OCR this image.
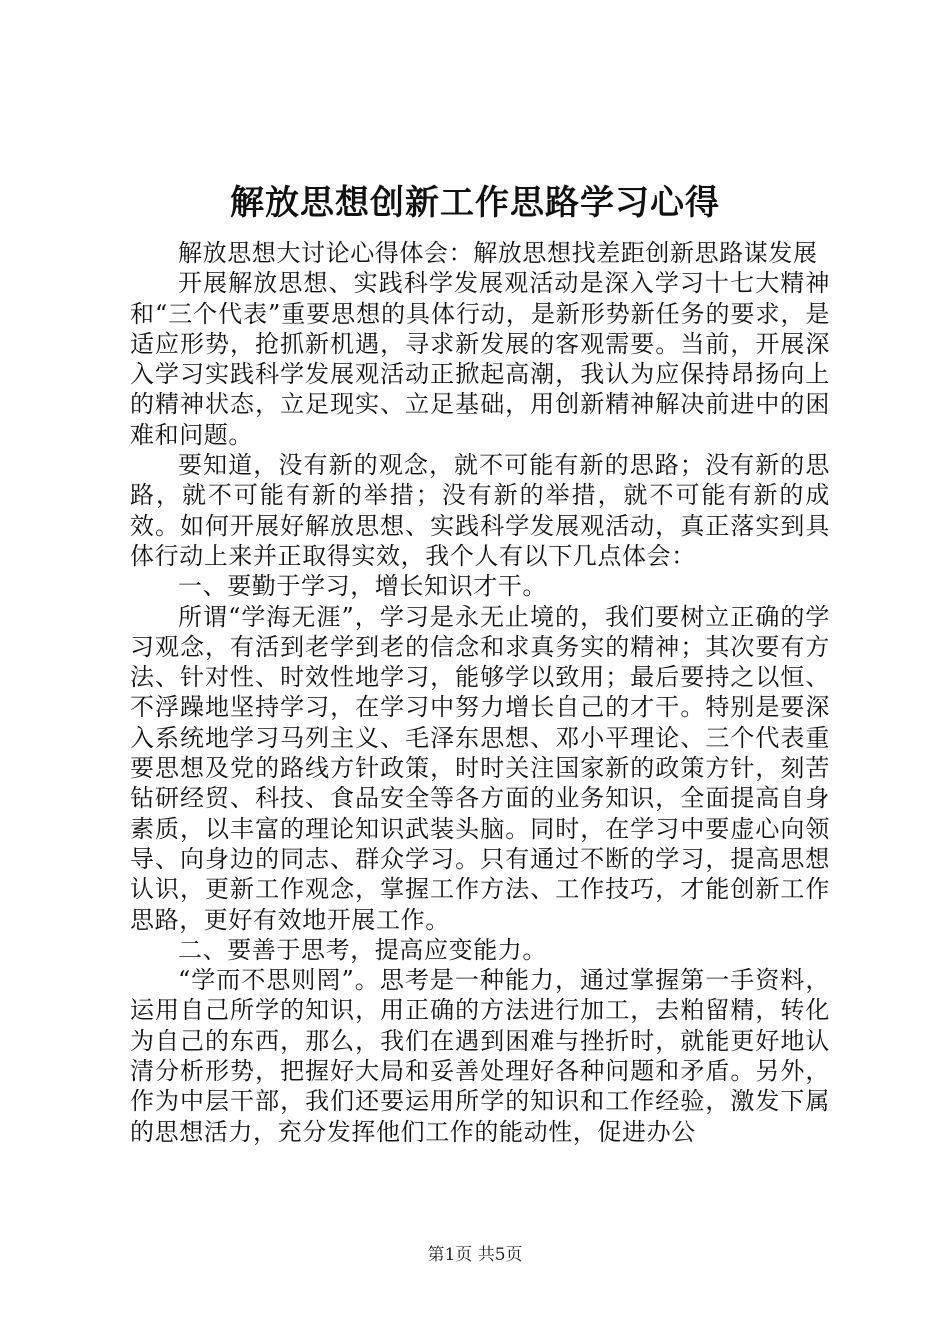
解放思想创新工作思路学习心得

解放思想大讨论心得体会：解放思想找差距创新思路谋发展

开展解放思想、实践科学发展观活动是深入学习十七大精神和“三个代表”重要思想的具体行动，是新形势新任务的要求，是适应形势，抢抓新机遇，寻求新发展的客观需要。当前，开展深入学习实践科学发展观活动正掀起高潮，我认为应保持昂扬向上的精神状态，立足现实、立足基础，用创新精神解决前进中的困难和问题。

要知道，没有新的观念，就不可能有新的思路；没有新的思路，就不可能有新的举措；没有新的举措，就不可能有新的成效。如何开展好解放思想、实践科学发展观活动，真正落实到具体行动上来并正取得实效，我个人有以下几点体会：

一、要勤于学习，增长知识才干。

所谓“学海无涯”，学习是永无止境的，我们要树立正确的学习观念，有活到老学到老的信念和求真务实的精神；其次要有方法、针对性、时效性地学习，能够学以致用；最后要持之以恒、不浮躁地坚持学习，在学习中努力增长自己的才干。特别是要深入系统地学习马列主义、毛泽东思想、邓小平理论、三个代表重要思想及党的路线方针政策，时时关注国家新的政策方针，刻苦钻研经贸、科技、食品安全等各方面的业务知识，全面提高自身素质，以丰富的理论知识武装头脑。同时，在学习中要虚心向领导、向身边的同志、群众学习。只有通过不断的学习，提高思想认识，更新工作观念，掌握工作方法、工作技巧，才能创新工作思路，更好有效地开展工作。

二、要善于思考，提高应变能力。

“学而不思则罔”。思考是一种能力，通过掌握第一手资料，运用自己所学的知识，用正确的方法进行加工，去粕留精，转化为自己的东西，那么，我们在遇到困难与挫折时，就能更好地认清分析形势，把握好大局和妥善处理好各种问题和矛盾。另外，作为中层干部，我们还要运用所学的知识和工作经验，激发下属的思想活力，充分发挥他们工作的能动性，促进办公

第1页 共5页
